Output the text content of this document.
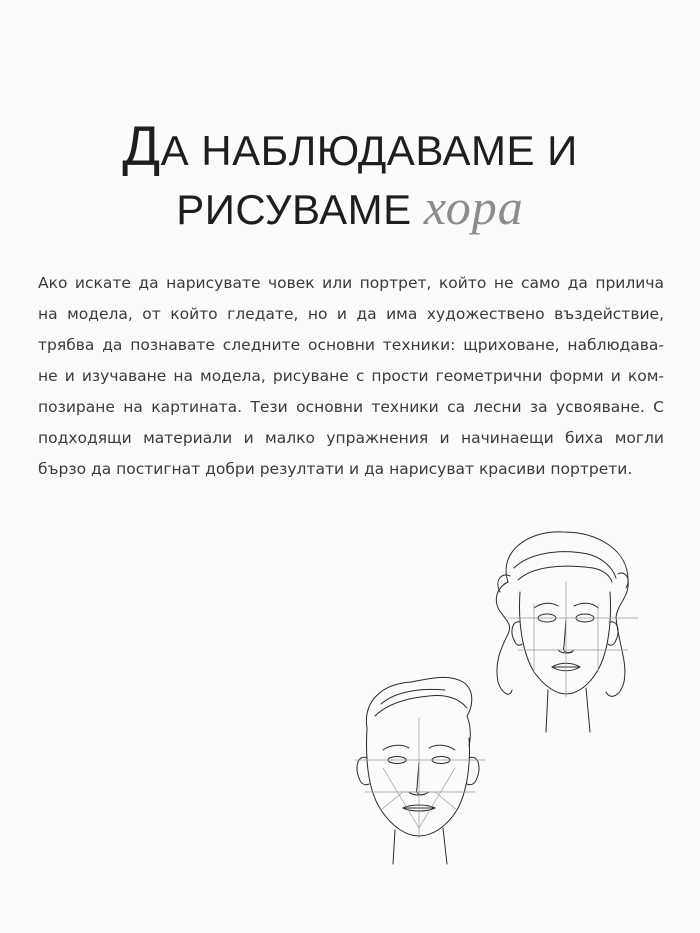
ДА НАБЛЮДАВАМЕ И
РИСУВАМЕ хора

Ако искате да нарисувате човек или портрет, който не само да прилича
на модела, от който гледате, но и да има художествено въздействие,
трябва да познавате следните основни техники: щриховане, наблюдава-
не и изучаване на модела, рисуване с прости геометрични форми и ком-
позиране на картината. Тези основни техники са лесни за усвояване. С
подходящи материали и малко упражнения и начинаещи биха могли
бързо да постигнат добри резултати и да нарисуват красиви портрети.
